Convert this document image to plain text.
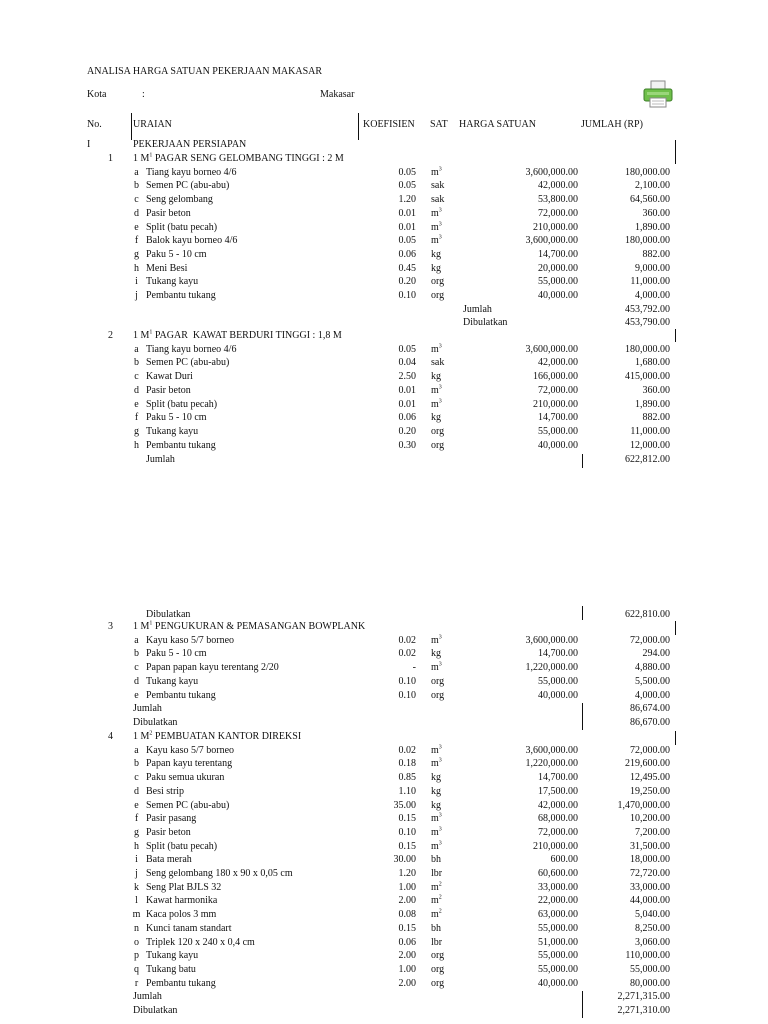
ANALISA HARGA SATUAN PEKERJAAN MAKASAR
Kota	:	Makasar
No.	URAIAN	KOEFISIEN SAT HARGA SATUAN	JUMLAH (RP)
I	PEKERJAAN PERSIAPAN
1 1 $M^1$ PAGAR SENG GELOMBANG TINGGI : 2 M
a Tiang kayu borneo 4/6	0.05 $m^3$	3,600,000.00	180,000.00
b Semen PC (abu-abu)	0.05 sak	42,000.00	2,100.00
c Seng gelombang	1.20 sak	53,800.00	64,560.00
d Pasir beton	0.01 $m^3$	72,000.00	360.00
e Split (batu pecah)	0.01 $m^3$	210,000.00	1,890.00
f Balok kayu borneo 4/6	0.05 $m^3$	3,600,000.00	180,000.00
g Paku 5 - 10 cm	0.06 kg	14,700.00	882.00
h Meni Besi	0.45 kg	20,000.00	9,000.00
i Tukang kayu	0.20 org	55,000.00	11,000.00
j Pembantu tukang	0.10 org	40,000.00	4,000.00
Jumlah	453,792.00
Dibulatkan	453,790.00
2 1 $M^1$ PAGAR  KAWAT BERDURI TINGGI : 1,8 M
a Tiang kayu borneo 4/6	0.05 $m^3$	3,600,000.00	180,000.00
b Semen PC (abu-abu)	0.04 sak	42,000.00	1,680.00
c Kawat Duri	2.50 kg	166,000.00	415,000.00
d Pasir beton	0.01 $m^3$	72,000.00	360.00
e Split (batu pecah)	0.01 $m^3$	210,000.00	1,890.00
f Paku 5 - 10 cm	0.06 kg	14,700.00	882.00
g Tukang kayu	0.20 org	55,000.00	11,000.00
h Pembantu tukang	0.30 org	40,000.00	12,000.00
Jumlah	622,812.00
Dibulatkan	622,810.00
3 1 $M^1$ PENGUKURAN & PEMASANGAN BOWPLANK
a Kayu kaso 5/7 borneo	0.02 $m^3$	3,600,000.00	72,000.00
b Paku 5 - 10 cm	0.02 kg	14,700.00	294.00
c Papan papan kayu terentang 2/20	- $m^3$	1,220,000.00	4,880.00
d Tukang kayu	0.10 org	55,000.00	5,500.00
e Pembantu tukang	0.10 org	40,000.00	4,000.00
Jumlah	86,674.00
Dibulatkan	86,670.00
4 1 $M^2$ PEMBUATAN KANTOR DIREKSI
a Kayu kaso 5/7 borneo	0.02 $m^3$	3,600,000.00	72,000.00
b Papan kayu terentang	0.18 $m^3$	1,220,000.00	219,600.00
c Paku semua ukuran	0.85 kg	14,700.00	12,495.00
d Besi strip	1.10 kg	17,500.00	19,250.00
e Semen PC (abu-abu)	35.00 kg	42,000.00	1,470,000.00
f Pasir pasang	0.15 $m^3$	68,000.00	10,200.00
g Pasir beton	0.10 $m^3$	72,000.00	7,200.00
h Split (batu pecah)	0.15 $m^3$	210,000.00	31,500.00
i Bata merah	30.00 bh	600.00	18,000.00
j Seng gelombang 180 x 90 x 0,05 cm	1.20 lbr	60,600.00	72,720.00
k Seng Plat BJLS 32	1.00 $m^2$	33,000.00	33,000.00
l Kawat harmonika	2.00 $m^2$	22,000.00	44,000.00
m Kaca polos 3 mm	0.08 $m^2$	63,000.00	5,040.00
n Kunci tanam standart	0.15 bh	55,000.00	8,250.00
o Triplek 120 x 240 x 0,4 cm	0.06 lbr	51,000.00	3,060.00
p Tukang kayu	2.00 org	55,000.00	110,000.00
q Tukang batu	1.00 org	55,000.00	55,000.00
r Pembantu tukang	2.00 org	40,000.00	80,000.00
Jumlah	2,271,315.00
Dibulatkan	2,271,310.00
